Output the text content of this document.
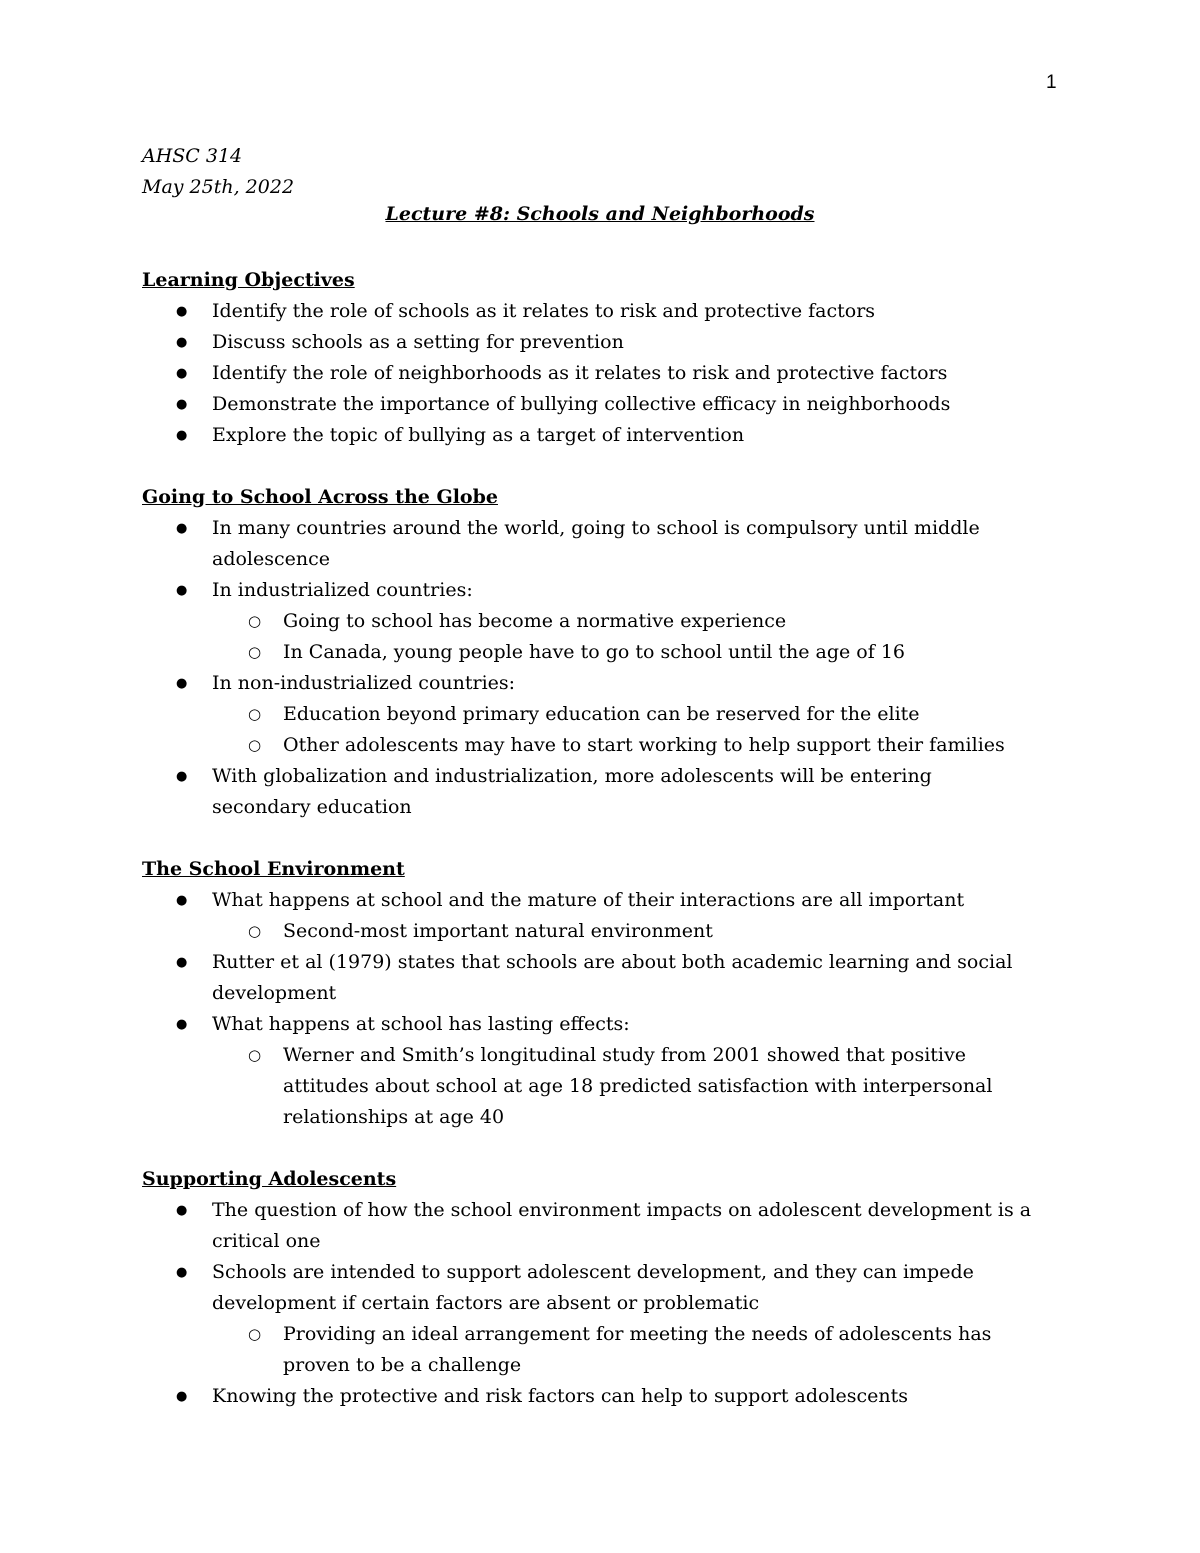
1
AHSC 314
May 25th, 2022
Lecture #8: Schools and Neighborhoods
Learning Objectives
● Identify the role of schools as it relates to risk and protective factors
● Discuss schools as a setting for prevention
● Identify the role of neighborhoods as it relates to risk and protective factors
● Demonstrate the importance of bullying collective efficacy in neighborhoods
● Explore the topic of bullying as a target of intervention
Going to School Across the Globe
● In many countries around the world, going to school is compulsory until middle adolescence
● In industrialized countries:
○ Going to school has become a normative experience
○ In Canada, young people have to go to school until the age of 16
● In non-industrialized countries:
○ Education beyond primary education can be reserved for the elite
○ Other adolescents may have to start working to help support their families
● With globalization and industrialization, more adolescents will be entering secondary education
The School Environment
● What happens at school and the mature of their interactions are all important
○ Second-most important natural environment
● Rutter et al (1979) states that schools are about both academic learning and social development
● What happens at school has lasting effects:
○ Werner and Smith’s longitudinal study from 2001 showed that positive attitudes about school at age 18 predicted satisfaction with interpersonal relationships at age 40
Supporting Adolescents
● The question of how the school environment impacts on adolescent development is a critical one
● Schools are intended to support adolescent development, and they can impede development if certain factors are absent or problematic
○ Providing an ideal arrangement for meeting the needs of adolescents has proven to be a challenge
● Knowing the protective and risk factors can help to support adolescents
